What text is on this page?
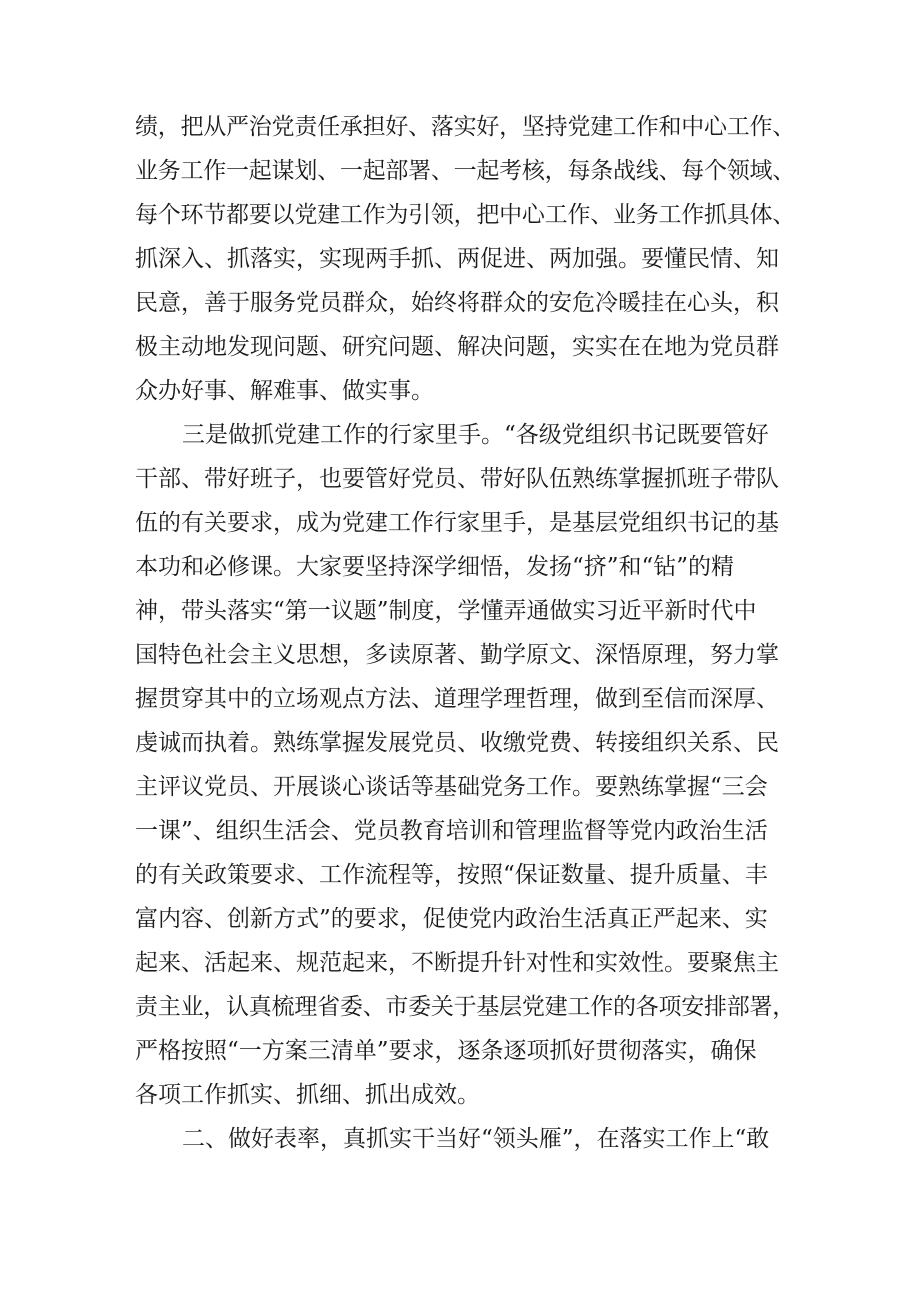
绩，把从严治党责任承担好、落实好，坚持党建工作和中心工作、
业务工作一起谋划、一起部署、一起考核，每条战线、每个领域、
每个环节都要以党建工作为引领，把中心工作、业务工作抓具体、
抓深入、抓落实，实现两手抓、两促进、两加强。要懂民情、知
民意，善于服务党员群众，始终将群众的安危冷暖挂在心头，积
极主动地发现问题、研究问题、解决问题，实实在在地为党员群
众办好事、解难事、做实事。
三是做抓党建工作的行家里手。“各级党组织书记既要管好
干部、带好班子，也要管好党员、带好队伍熟练掌握抓班子带队
伍的有关要求，成为党建工作行家里手，是基层党组织书记的基
本功和必修课。大家要坚持深学细悟，发扬“挤”和“钻”的精
神，带头落实“第一议题”制度，学懂弄通做实习近平新时代中
国特色社会主义思想，多读原著、勤学原文、深悟原理，努力掌
握贯穿其中的立场观点方法、道理学理哲理，做到至信而深厚、
虔诚而执着。熟练掌握发展党员、收缴党费、转接组织关系、民
主评议党员、开展谈心谈话等基础党务工作。要熟练掌握“三会
一课”、组织生活会、党员教育培训和管理监督等党内政治生活
的有关政策要求、工作流程等，按照“保证数量、提升质量、丰
富内容、创新方式”的要求，促使党内政治生活真正严起来、实
起来、活起来、规范起来，不断提升针对性和实效性。要聚焦主
责主业，认真梳理省委、市委关于基层党建工作的各项安排部署，
严格按照“一方案三清单”要求，逐条逐项抓好贯彻落实，确保
各项工作抓实、抓细、抓出成效。
二、做好表率，真抓实干当好“领头雁”，在落实工作上“敢
